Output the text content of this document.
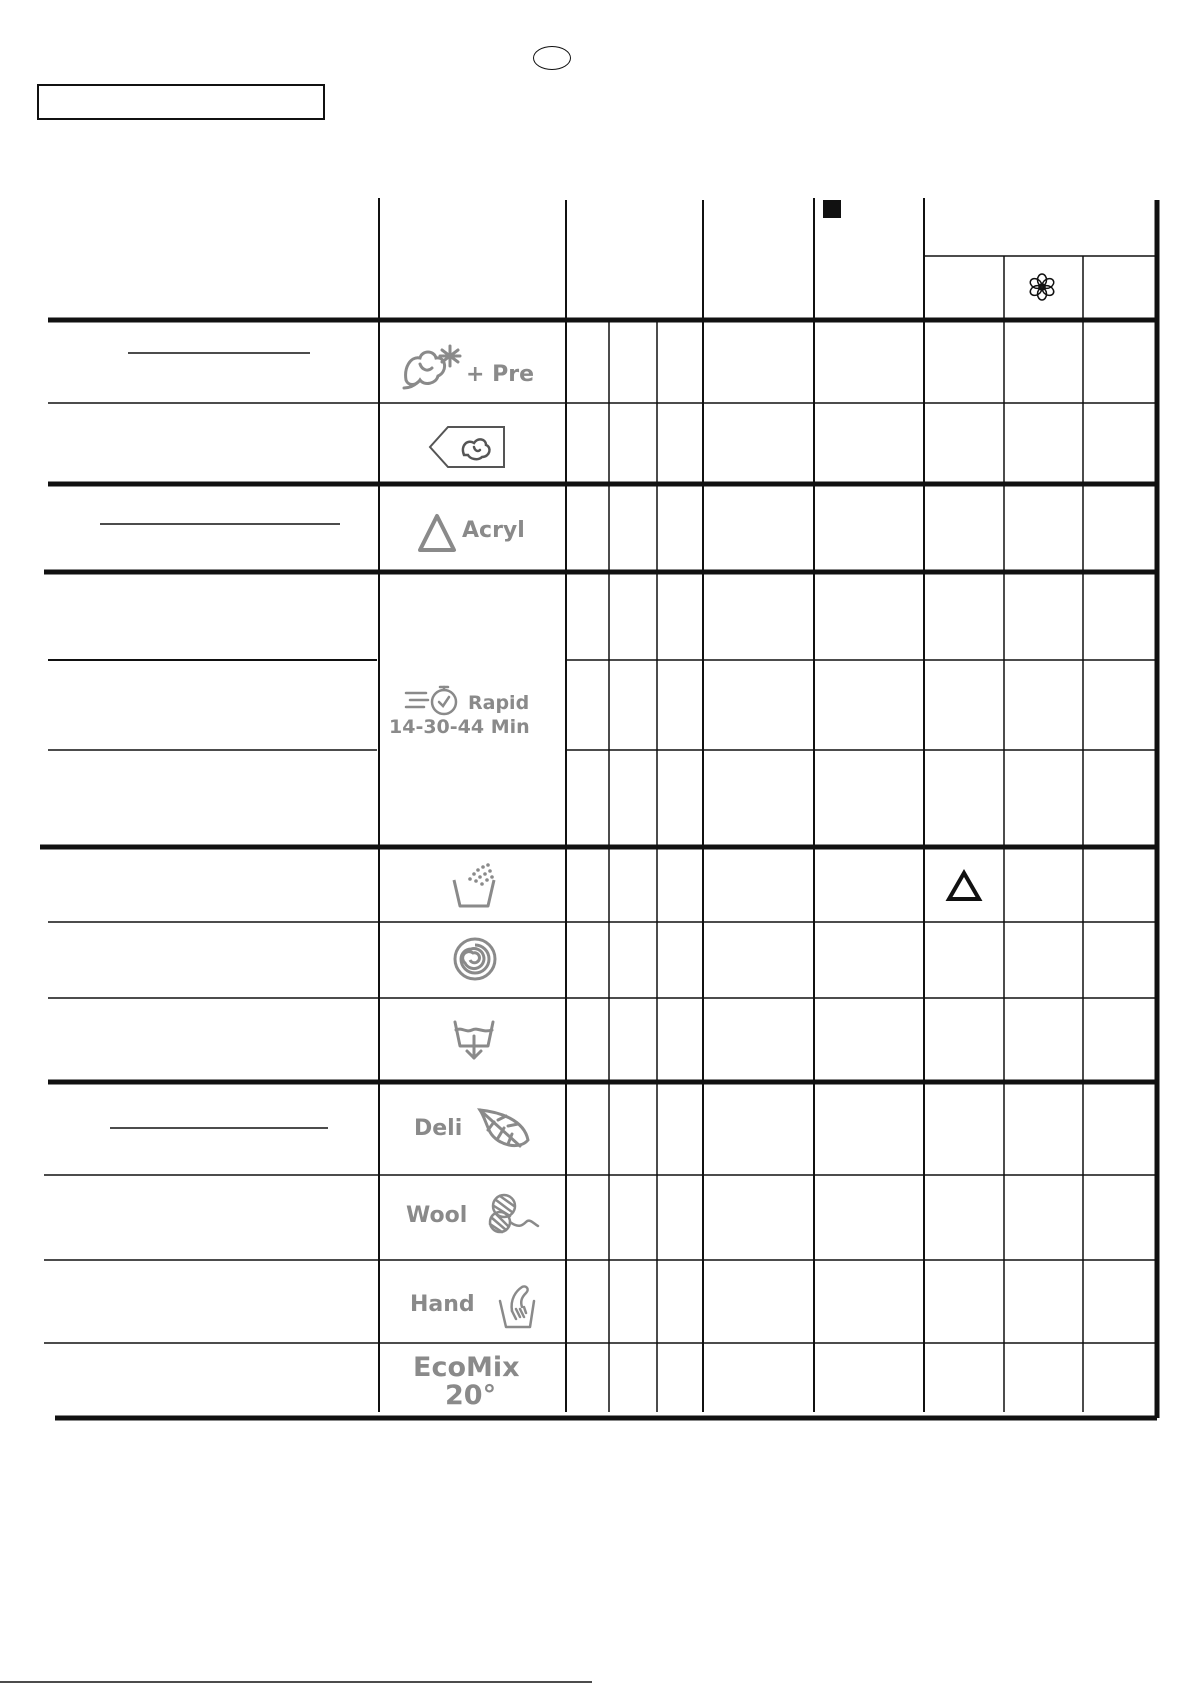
+ Pre
Acryl
Rapid
14-30-44 Min
Deli
Wool
Hand
EcoMix
20°
